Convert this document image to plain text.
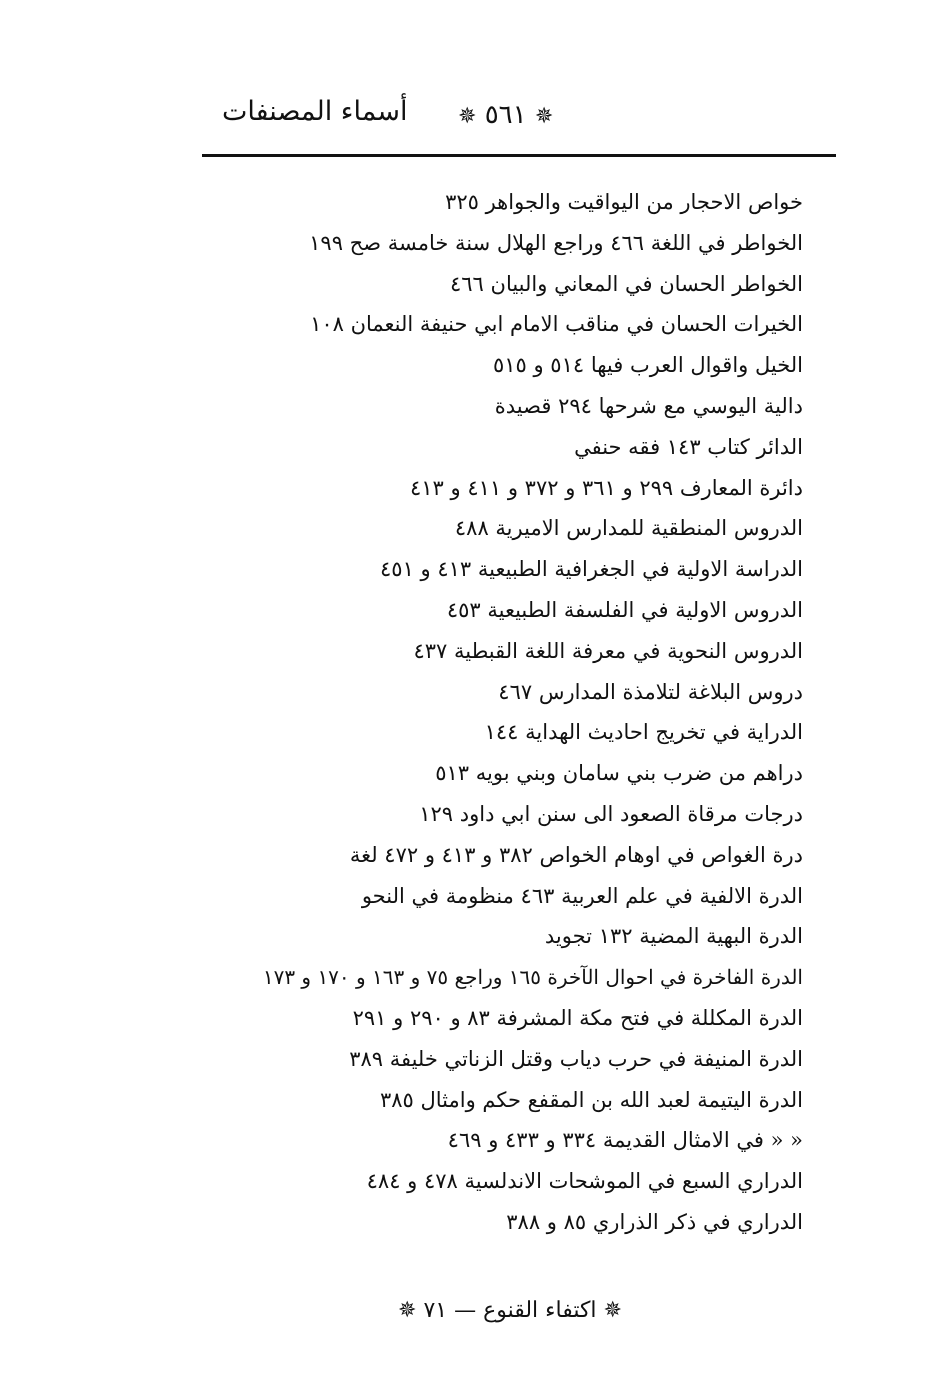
✵ ٥٦١ ✵
أسماء المصنفات
خواص الاحجار من اليواقيت والجواهر ٣٢٥
الخواطر في اللغة ٤٦٦ وراجع الهلال سنة خامسة صح ١٩٩
الخواطر الحسان في المعاني والبيان ٤٦٦
الخيرات الحسان في مناقب الامام ابي حنيفة النعمان ١٠٨
الخيل واقوال العرب فيها ٥١٤ و ٥١٥
دالية اليوسي مع شرحها ٢٩٤ قصيدة
الدائر كتاب ١٤٣ فقه حنفي
دائرة المعارف ٢٩٩ و ٣٦١ و ٣٧٢ و ٤١١ و ٤١٣
الدروس المنطقية للمدارس الاميرية ٤٨٨
الدراسة الاولية في الجغرافية الطبيعية ٤١٣ و ٤٥١
الدروس الاولية في الفلسفة الطبيعية ٤٥٣
الدروس النحوية في معرفة اللغة القبطية ٤٣٧
دروس البلاغة لتلامذة المدارس ٤٦٧
الدراية في تخريج احاديث الهداية ١٤٤
دراهم من ضرب بني سامان وبني بويه ٥١٣
درجات مرقاة الصعود الى سنن ابي داود ١٢٩
درة الغواص في اوهام الخواص ٣٨٢ و ٤١٣ و ٤٧٢ لغة
الدرة الالفية في علم العربية ٤٦٣ منظومة في النحو
الدرة البهية المضية ١٣٢ تجويد
الدرة الفاخرة في احوال الآخرة ١٦٥ وراجع ٧٥ و ١٦٣ و ١٧٠ و ١٧٣
الدرة المكللة في فتح مكة المشرفة ٨٣ و ٢٩٠ و ٢٩١
الدرة المنيفة في حرب دياب وقتل الزناتي خليفة ٣٨٩
الدرة اليتيمة لعبد الله بن المقفع حكم وامثال ٣٨٥
« « في الامثال القديمة ٣٣٤ و ٤٣٣ و ٤٦٩
الدراري السبع في الموشحات الاندلسية ٤٧٨ و ٤٨٤
الدراري في ذكر الذراري ٨٥ و ٣٨٨
✵ اكتفاء القنوع — ٧١ ✵
